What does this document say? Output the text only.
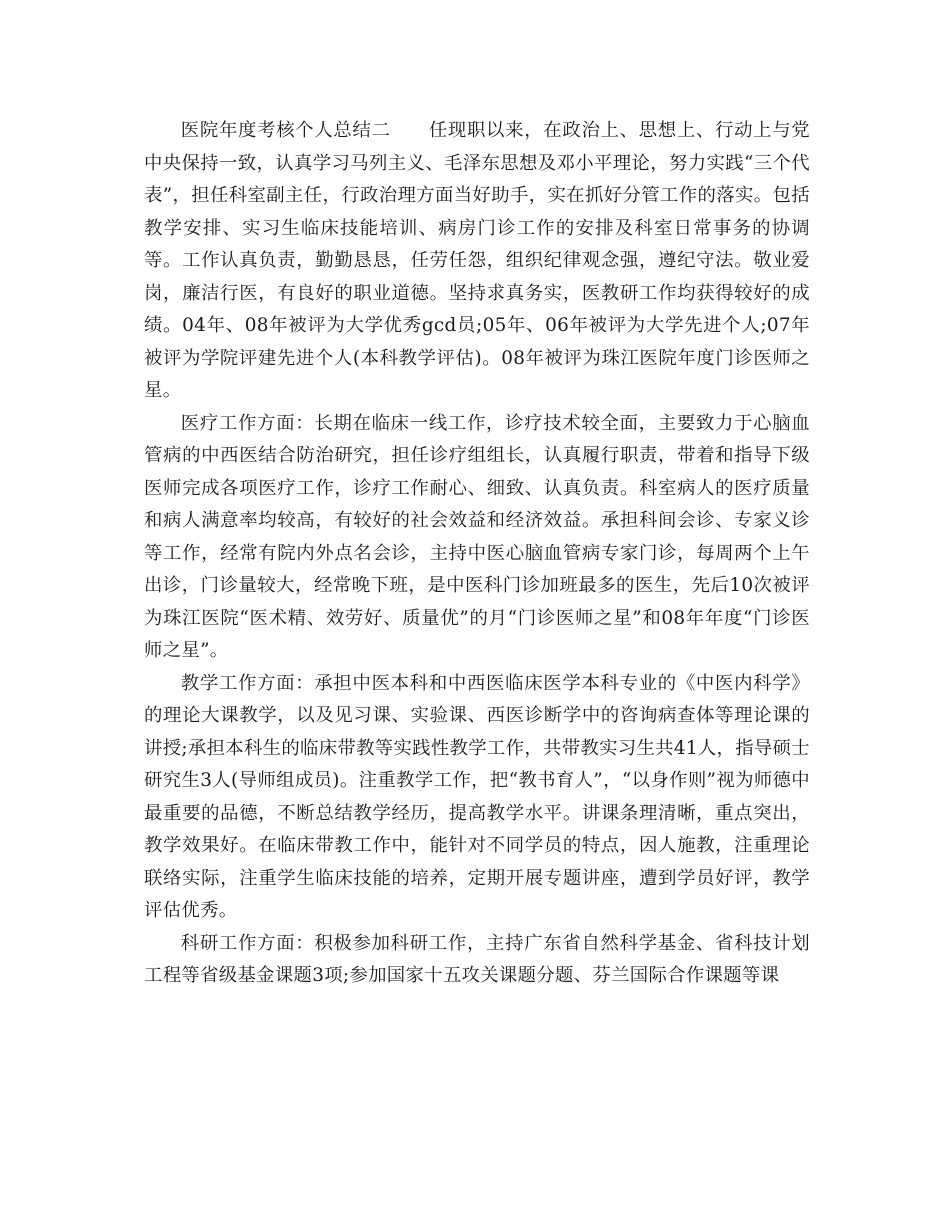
医院年度考核个人总结二　　任现职以来，在政治上、思想上、行动上与党中央保持一致，认真学习马列主义、毛泽东思想及邓小平理论，努力实践“三个代表”，担任科室副主任，行政治理方面当好助手，实在抓好分管工作的落实。包括教学安排、实习生临床技能培训、病房门诊工作的安排及科室日常事务的协调等。工作认真负责，勤勤恳恳，任劳任怨，组织纪律观念强，遵纪守法。敬业爱岗，廉洁行医，有良好的职业道德。坚持求真务实，医教研工作均获得较好的成绩。04年、08年被评为大学优秀gcd员;05年、06年被评为大学先进个人;07年被评为学院评建先进个人(本科教学评估)。08年被评为珠江医院年度门诊医师之星。

医疗工作方面：长期在临床一线工作，诊疗技术较全面，主要致力于心脑血管病的中西医结合防治研究，担任诊疗组组长，认真履行职责，带着和指导下级医师完成各项医疗工作，诊疗工作耐心、细致、认真负责。科室病人的医疗质量和病人满意率均较高，有较好的社会效益和经济效益。承担科间会诊、专家义诊等工作，经常有院内外点名会诊，主持中医心脑血管病专家门诊，每周两个上午出诊，门诊量较大，经常晚下班，是中医科门诊加班最多的医生，先后10次被评为珠江医院“医术精、效劳好、质量优”的月“门诊医师之星”和08年年度“门诊医师之星”。

教学工作方面：承担中医本科和中西医临床医学本科专业的《中医内科学》的理论大课教学，以及见习课、实验课、西医诊断学中的咨询病查体等理论课的讲授;承担本科生的临床带教等实践性教学工作，共带教实习生共41人，指导硕士研究生3人(导师组成员)。注重教学工作，把“教书育人”，“以身作则”视为师德中最重要的品德，不断总结教学经历，提高教学水平。讲课条理清晰，重点突出，教学效果好。在临床带教工作中，能针对不同学员的特点，因人施教，注重理论联络实际，注重学生临床技能的培养，定期开展专题讲座，遭到学员好评，教学评估优秀。

科研工作方面：积极参加科研工作，主持广东省自然科学基金、省科技计划工程等省级基金课题3项;参加国家十五攻关课题分题、芬兰国际合作课题等课
